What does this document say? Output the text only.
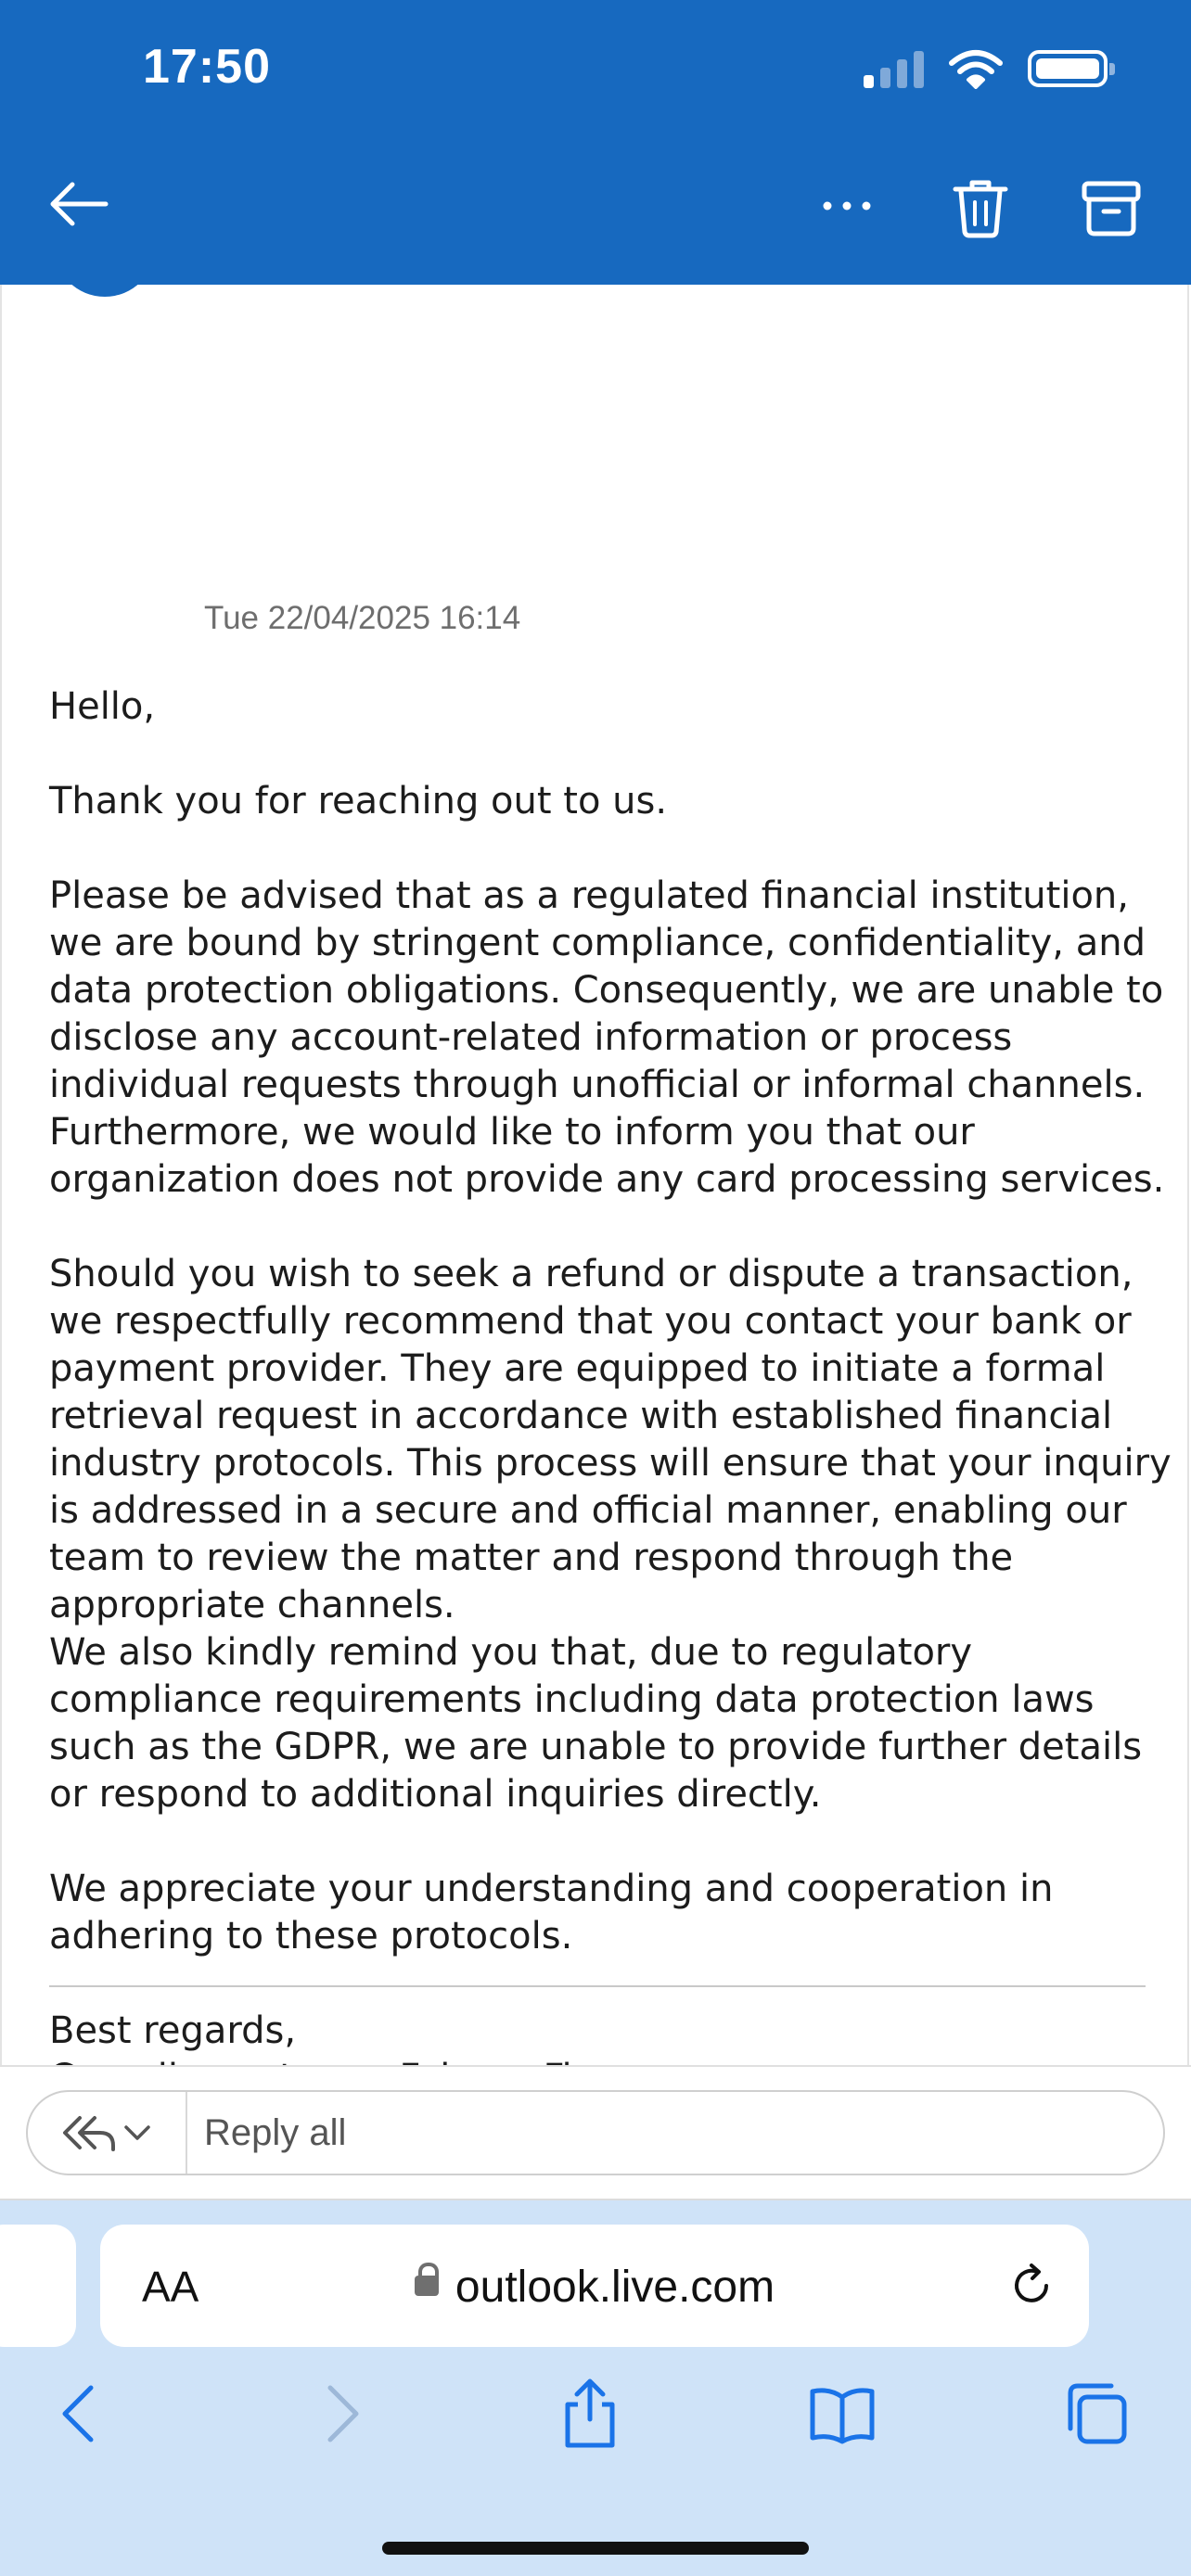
17:50
Tue 22/04/2025 16:14

Hello,

Thank you for reaching out to us.

Please be advised that as a regulated financial institution, we are bound by stringent compliance, confidentiality, and data protection obligations. Consequently, we are unable to disclose any account-related information or process individual requests through unofficial or informal channels.

Furthermore, we would like to inform you that our organization does not provide any card processing services.

Should you wish to seek a refund or dispute a transaction, we respectfully recommend that you contact your bank or payment provider. They are equipped to initiate a formal retrieval request in accordance with established financial industry protocols. This process will ensure that your inquiry is addressed in a secure and official manner, enabling our team to review the matter and respond through the appropriate channels.

We also kindly remind you that, due to regulatory compliance requirements including data protection laws such as the GDPR, we are unable to provide further details or respond to additional inquiries directly.

We appreciate your understanding and cooperation in adhering to these protocols.

Best regards,

Reply all
AA	outlook.live.com
